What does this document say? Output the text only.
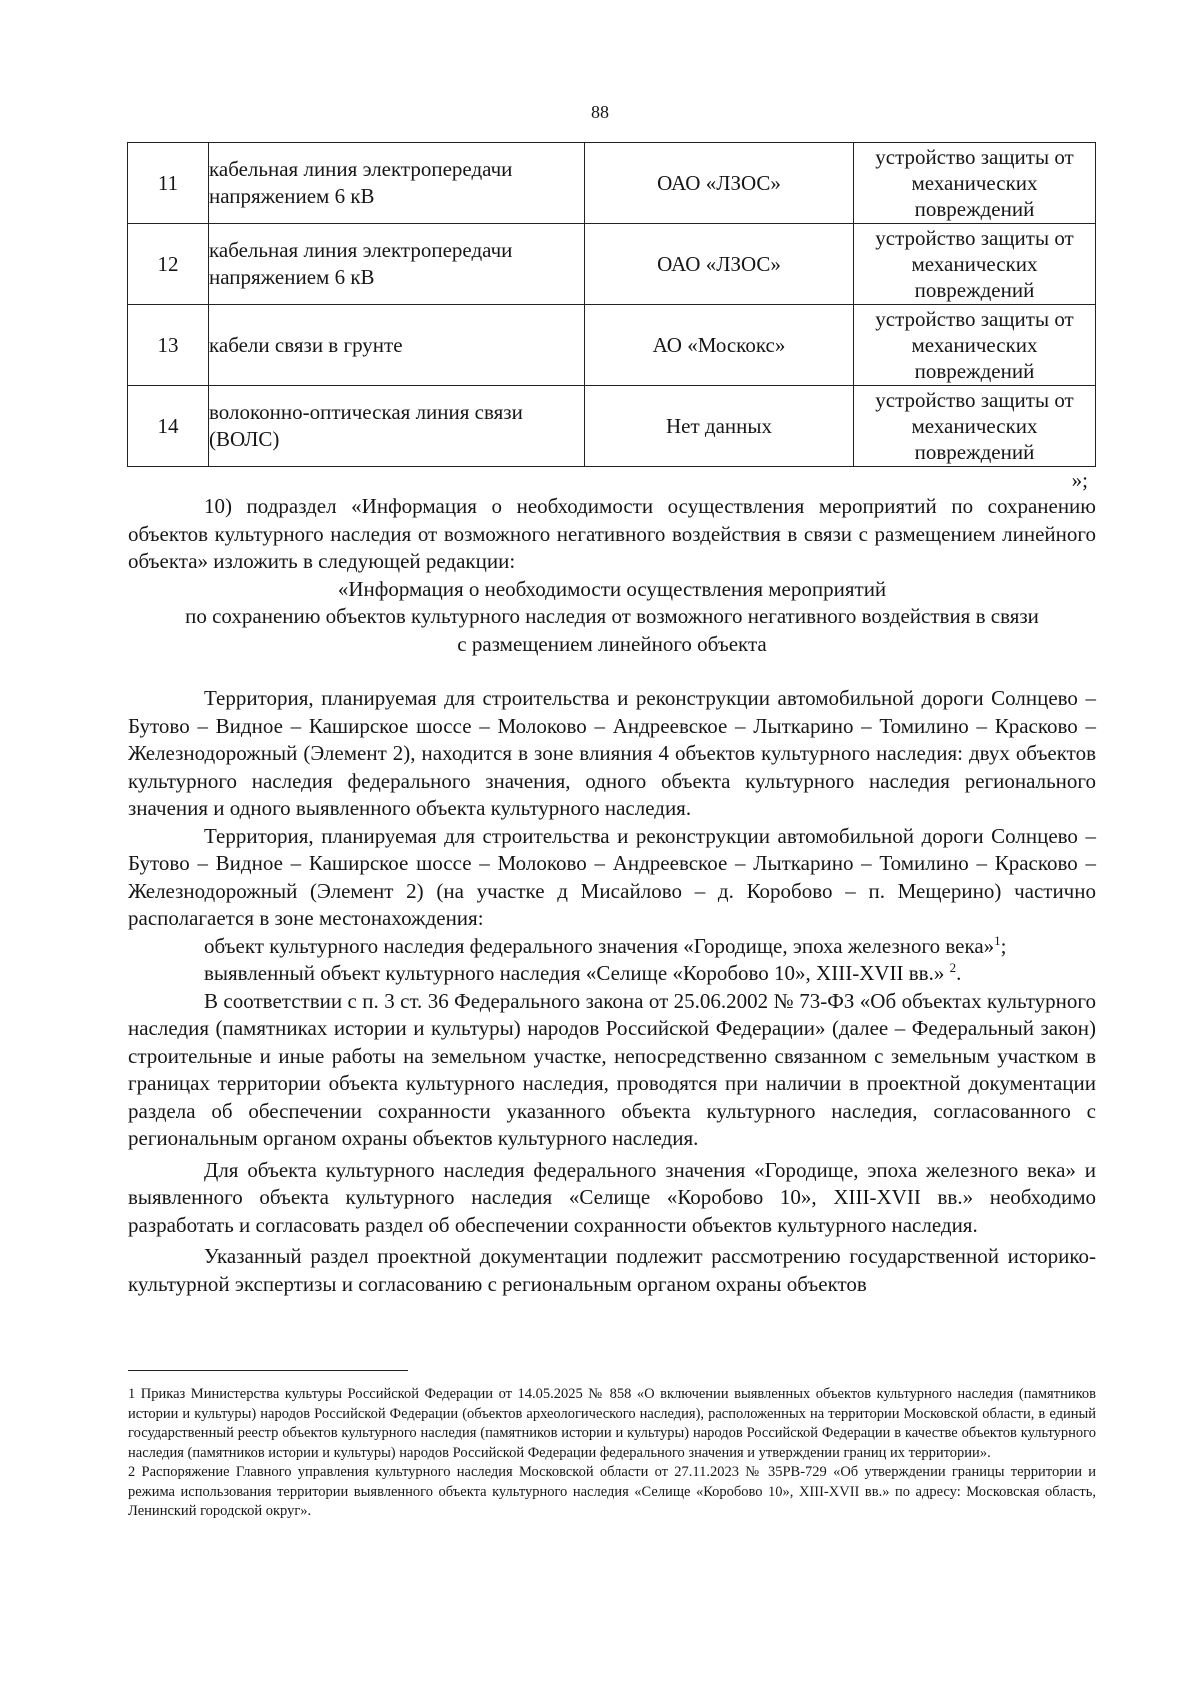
88
11	кабельная линия электропередачи напряжением 6 кВ	ОАО «ЛЗОС»	устройство защиты от механических повреждений
12	кабельная линия электропередачи напряжением 6 кВ	ОАО «ЛЗОС»	устройство защиты от механических повреждений
13	кабели связи в грунте	АО «Москокс»	устройство защиты от механических повреждений
14	волоконно-оптическая линия связи (ВОЛС)	Нет данных	устройство защиты от механических повреждений
»;

10) подраздел «Информация о необходимости осуществления мероприятий по сохранению объектов культурного наследия от возможного негативного воздействия в связи с размещением линейного объекта» изложить в следующей редакции:

«Информация о необходимости осуществления мероприятий

по сохранению объектов культурного наследия от возможного негативного воздействия в связи

с размещением линейного объекта

Территория, планируемая для строительства и реконструкции автомобильной дороги Солнцево – Бутово – Видное – Каширское шоссе – Молоково – Андреевское – Лыткарино – Томилино – Красково – Железнодорожный (Элемент 2), находится в зоне влияния 4 объектов культурного наследия: двух объектов культурного наследия федерального значения, одного объекта культурного наследия регионального значения и одного выявленного объекта культурного наследия.

Территория, планируемая для строительства и реконструкции автомобильной дороги Солнцево – Бутово – Видное – Каширское шоссе – Молоково – Андреевское – Лыткарино – Томилино – Красково – Железнодорожный (Элемент 2) (на участке д Мисайлово – д. Коробово – п. Мещерино) частично располагается в зоне местонахождения:

объект культурного наследия федерального значения «Городище, эпоха железного века»$^1$;

выявленный объект культурного наследия «Селище «Коробово 10», XIII-XVII вв.» $^2$.

В соответствии с п. 3 ст. 36 Федерального закона от 25.06.2002 № 73-ФЗ «Об объектах культурного наследия (памятниках истории и культуры) народов Российской Федерации» (далее – Федеральный закон) строительные и иные работы на земельном участке, непосредственно связанном с земельным участком в границах территории объекта культурного наследия, проводятся при наличии в проектной документации раздела об обеспечении сохранности указанного объекта культурного наследия, согласованного с региональным органом охраны объектов культурного наследия.

Для объекта культурного наследия федерального значения «Городище, эпоха железного века» и выявленного объекта культурного наследия «Селище «Коробово 10», XIII-XVII вв.» необходимо разработать и согласовать раздел об обеспечении сохранности объектов культурного наследия.

Указанный раздел проектной документации подлежит рассмотрению государственной историко-культурной экспертизы и согласованию с региональным органом охраны объектов

1 Приказ Министерства культуры Российской Федерации от 14.05.2025 № 858 «О включении выявленных объектов культурного наследия (памятников истории и культуры) народов Российской Федерации (объектов археологического наследия), расположенных на территории Московской области, в единый государственный реестр объектов культурного наследия (памятников истории и культуры) народов Российской Федерации в качестве объектов культурного наследия (памятников истории и культуры) народов Российской Федерации федерального значения и утверждении границ их территории».

2 Распоряжение Главного управления культурного наследия Московской области от 27.11.2023 № 35РВ-729 «Об утверждении границы территории и режима использования территории выявленного объекта культурного наследия «Селище «Коробово 10», XIII-XVII вв.» по адресу: Московская область, Ленинский городской округ».
